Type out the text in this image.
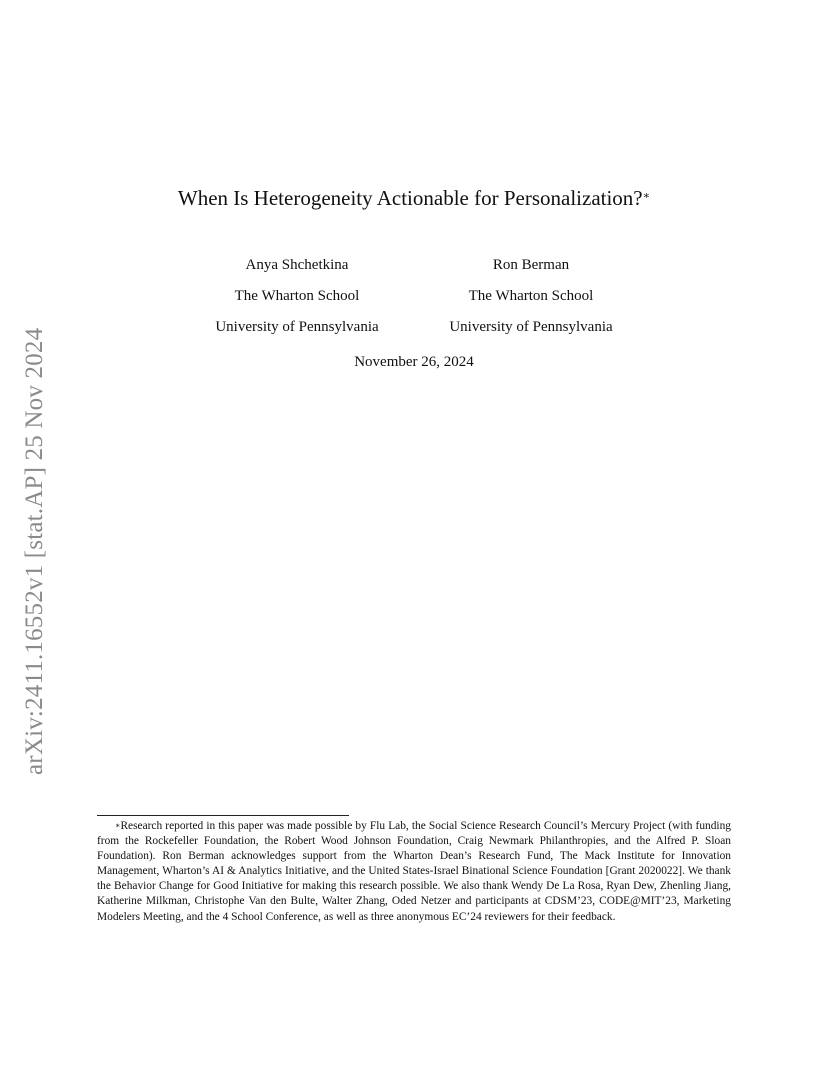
arXiv:2411.16552v1 [stat.AP] 25 Nov 2024
When Is Heterogeneity Actionable for Personalization?∗
Anya Shchetkina
The Wharton School
University of Pennsylvania
Ron Berman
The Wharton School
University of Pennsylvania
November 26, 2024
∗Research reported in this paper was made possible by Flu Lab, the Social Science Research Council’s Mercury Project (with funding from the Rockefeller Foundation, the Robert Wood Johnson Foundation, Craig Newmark Philanthropies, and the Alfred P. Sloan Foundation). Ron Berman acknowledges support from the Wharton Dean’s Research Fund, The Mack Institute for Innovation Management, Wharton’s AI & Analytics Initiative, and the United States-Israel Binational Science Foundation [Grant 2020022]. We thank the Behavior Change for Good Initiative for making this research possible. We also thank Wendy De La Rosa, Ryan Dew, Zhenling Jiang, Katherine Milkman, Christophe Van den Bulte, Walter Zhang, Oded Netzer and participants at CDSM’23, CODE@MIT’23, Marketing Modelers Meeting, and the 4 School Conference, as well as three anonymous EC’24 reviewers for their feedback.
